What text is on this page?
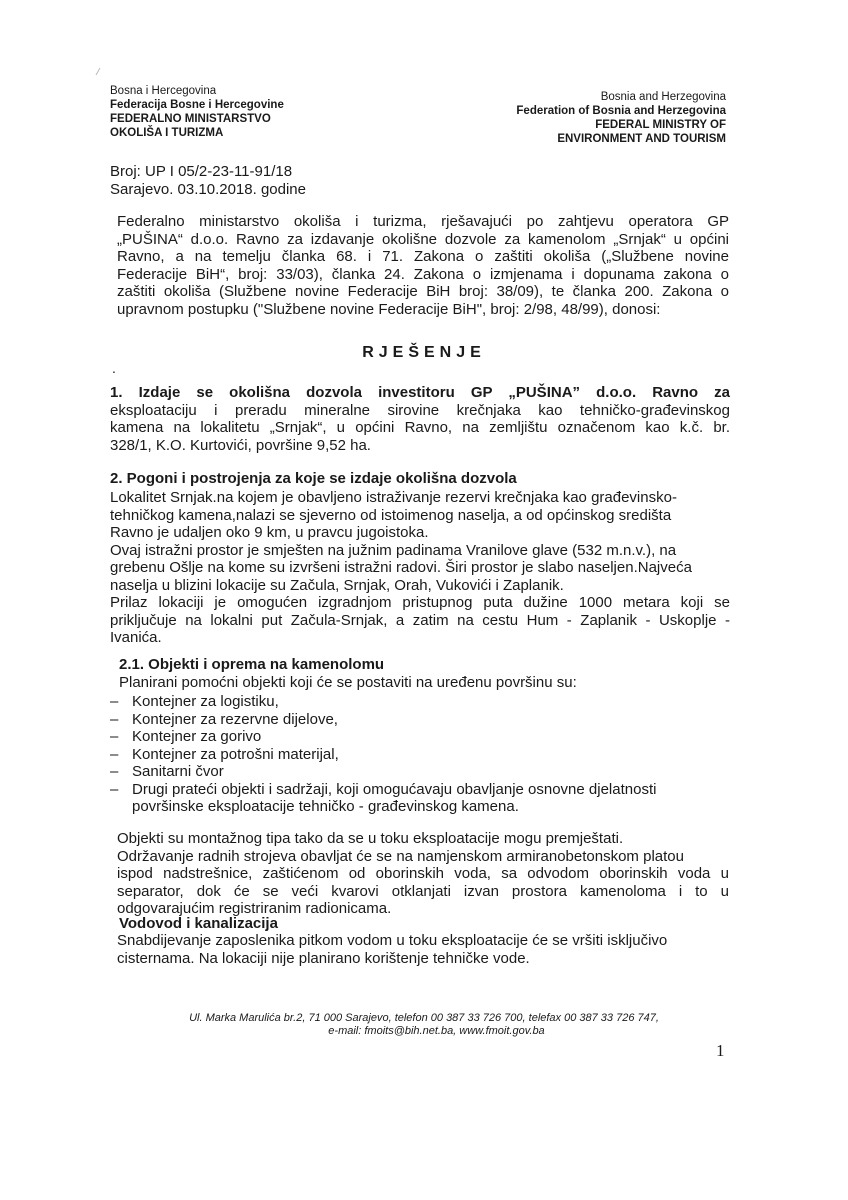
Bosna i Hercegovina
Federacija Bosne i Hercegovine
FEDERALNO MINISTARSTVO
OKOLIŠA I TURIZMA
Bosnia and Herzegovina
Federation of Bosnia and Herzegovina
FEDERAL MINISTRY OF
ENVIRONMENT AND TOURISM
Broj: UP I 05/2-23-11-91/18
Sarajevo. 03.10.2018. godine
Federalno ministarstvo okoliša i turizma, rješavajući po zahtjevu operatora GP
„PUŠINA“ d.o.o. Ravno za izdavanje okolišne dozvole za kamenolom „Srnjak“ u općini
Ravno, a na temelju člankа 68. i 71. Zakona o zaštiti okoliša („Službene novine
Federacije BiH“, broj: 33/03), članka 24. Zakona o izmjenama i dopunama zakona o
zaštiti okoliša (Službene novine Federacije BiH broj: 38/09), te članka 200. Zakona o
upravnom postupku ("Službene novine Federacije BiH", broj: 2/98, 48/99), donosi:
RJEŠENJE
.
1. Izdaje se okolišna dozvola investitoru GP „PUŠINA” d.o.o. Ravno za
eksploataciju i preradu mineralne sirovine krečnjaka kao tehničko-građevinskog
kamena na lokalitetu „Srnjak“, u općini Ravno, na zemljištu označenom kao k.č. br.
328/1, K.O. Kurtovići, površine 9,52 ha.
2. Pogoni i postrojenja za koje se izdaje okolišna dozvola
Lokalitet Srnjak.na kojem je obavljeno istraživanje rezervi krečnjaka kao građevinsko-
tehničkog kamena,nalazi se sjeverno od istoimenog naselja, a od općinskog središta
Ravno je udaljen oko 9 km, u pravcu jugoistoka.
Ovaj istražni prostor je smješten na južnim padinama Vranilove glave (532 m.n.v.), na
grebenu Ošlje na kome su izvršeni istražni radovi. Širi prostor je slabo naseljen.Najveća
naselja u blizini lokacije su Začula, Srnjak, Orah, Vukovići i Zaplanik.
Prilaz lokaciji je omogućen izgradnjom pristupnog puta dužine 1000 metara koji se
priključuje na lokalni put Začula-Srnjak, a zatim na cestu Hum - Zaplanik - Uskoplje -
Ivanića.
2.1. Objekti i oprema na kamenolomu
Planirani pomoćni objekti koji će se postaviti na uređenu površinu su:
– Kontejner za logistiku,
– Kontejner za rezervne dijelove,
– Kontejner za gorivo
– Kontejner za potrošni materijal,
– Sanitarni čvor
– Drugi prateći objekti i sadržaji, koji omogućavaju obavljanje osnovne djelatnosti
površinske eksploatacije tehničko - građevinskog kamena.
Objekti su montažnog tipa tako da se u toku eksploatacije mogu premještati.
Održavanje radnih strojeva obavljat će se na namjenskom armiranobetonskom platou
ispod nadstrešnice, zaštićenom od oborinskih voda, sa odvodom oborinskih voda u
separator, dok će se veći kvarovi otklanjati izvan prostora kamenoloma i to u
odgovarajućim registriranim radionicama.
Vodovod i kanalizacija
Snabdijevanje zaposlenika pitkom vodom u toku eksploatacije će se vršiti isključivo
cisternama. Na lokaciji nije planirano korištenje tehničke vode.
Ul. Marka Marulića br.2, 71 000 Sarajevo, telefon 00 387 33 726 700, telefax 00 387 33 726 747,
e-mail: fmoits@bih.net.ba, www.fmoit.gov.ba
1
